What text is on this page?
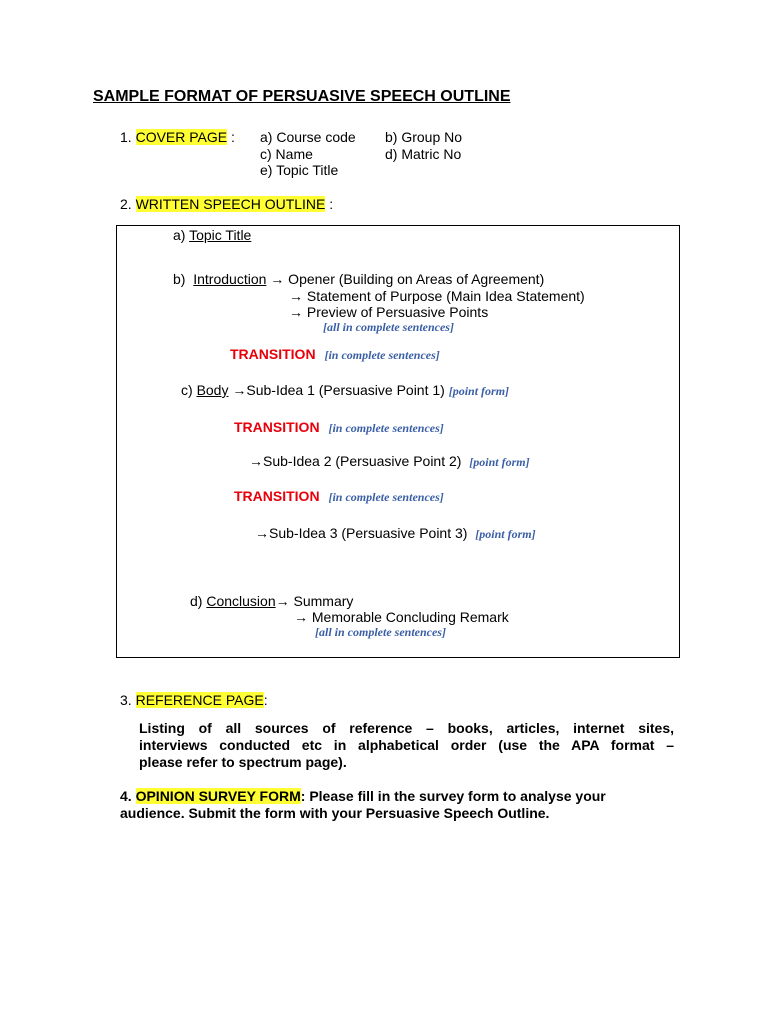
SAMPLE FORMAT OF PERSUASIVE SPEECH OUTLINE
1. COVER PAGE : a) Course code b) Group No
c) Name	d) Matric No
e) Topic Title
2. WRITTEN SPEECH OUTLINE :
a) Topic Title
b) Introduction → Opener (Building on Areas of Agreement)
→ Statement of Purpose (Main Idea Statement)
→ Preview of Persuasive Points
[all in complete sentences]
TRANSITION [in complete sentences]
c) Body →Sub-Idea 1 (Persuasive Point 1) [point form]
TRANSITION [in complete sentences]
→Sub-Idea 2 (Persuasive Point 2) [point form]
TRANSITION [in complete sentences]
→Sub-Idea 3 (Persuasive Point 3) [point form]
d) Conclusion→ Summary
→ Memorable Concluding Remark
[all in complete sentences]
3. REFERENCE PAGE:
Listing of all sources of reference – books, articles, internet sites,
interviews conducted etc in alphabetical order (use the APA format –
please refer to spectrum page).
4. OPINION SURVEY FORM: Please fill in the survey form to analyse your
audience. Submit the form with your Persuasive Speech Outline.
